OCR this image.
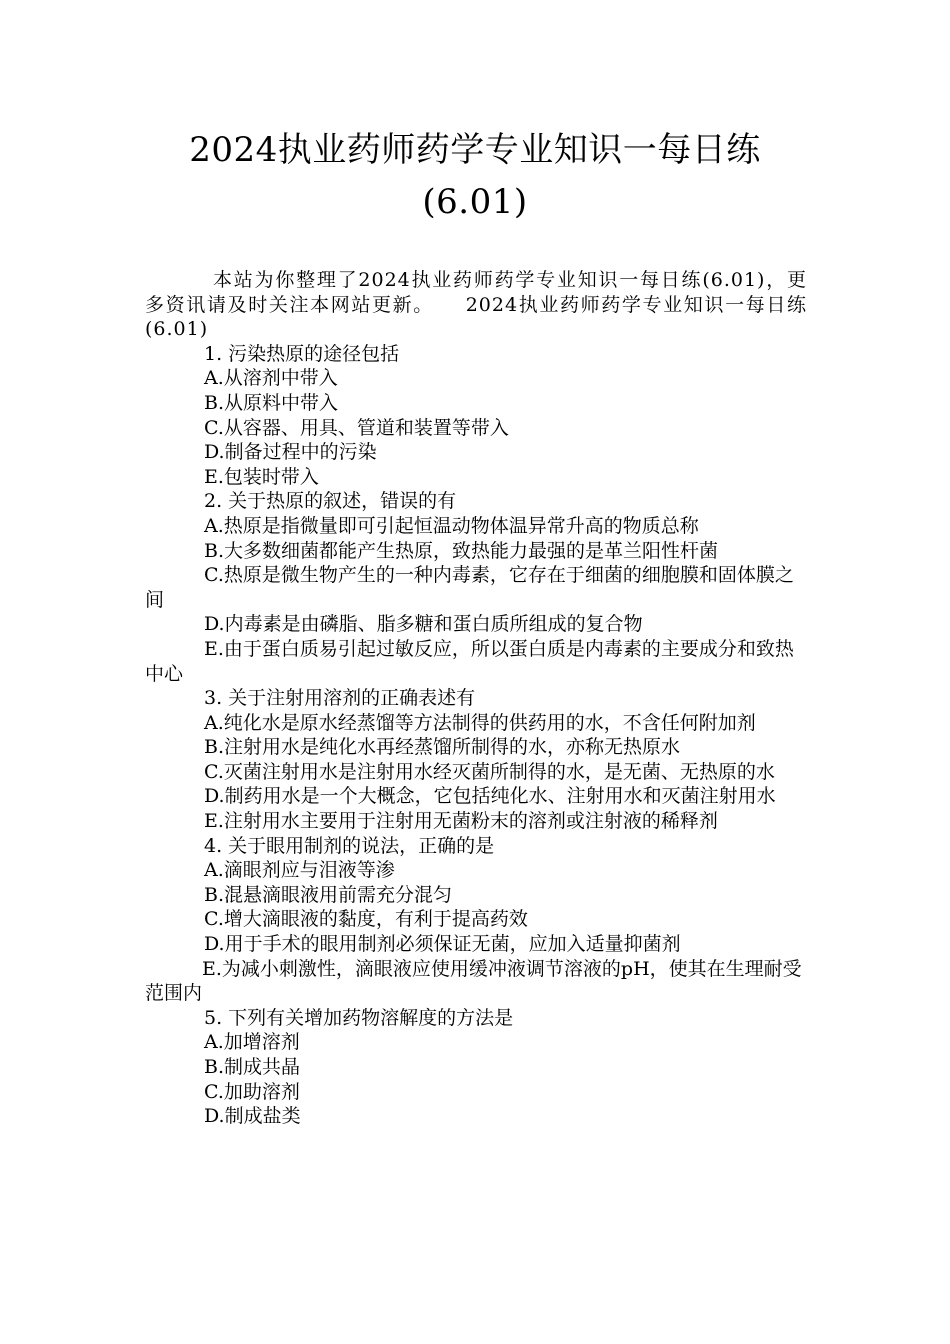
2024执业药师药学专业知识一每日练
(6.01)

本站为你整理了2024执业药师药学专业知识一每日练(6.01)，更多资讯请及时关注本网站更新。　　2024执业药师药学专业知识一每日练(6.01)

1. 污染热原的途径包括

A.从溶剂中带入

B.从原料中带入

C.从容器、用具、管道和装置等带入

D.制备过程中的污染

E.包装时带入

2. 关于热原的叙述，错误的有

A.热原是指微量即可引起恒温动物体温异常升高的物质总称

B.大多数细菌都能产生热原，致热能力最强的是革兰阳性杆菌

C.热原是微生物产生的一种内毒素，它存在于细菌的细胞膜和固体膜之间

D.内毒素是由磷脂、脂多糖和蛋白质所组成的复合物

E.由于蛋白质易引起过敏反应，所以蛋白质是内毒素的主要成分和致热中心

3. 关于注射用溶剂的正确表述有

A.纯化水是原水经蒸馏等方法制得的供药用的水，不含任何附加剂

B.注射用水是纯化水再经蒸馏所制得的水，亦称无热原水

C.灭菌注射用水是注射用水经灭菌所制得的水，是无菌、无热原的水

D.制药用水是一个大概念，它包括纯化水、注射用水和灭菌注射用水

E.注射用水主要用于注射用无菌粉末的溶剂或注射液的稀释剂

4. 关于眼用制剂的说法，正确的是

A.滴眼剂应与泪液等渗

B.混悬滴眼液用前需充分混匀

C.增大滴眼液的黏度，有利于提高药效

D.用于手术的眼用制剂必须保证无菌，应加入适量抑菌剂

E.为减小刺激性，滴眼液应使用缓冲液调节溶液的pH，使其在生理耐受范围内

5. 下列有关增加药物溶解度的方法是

A.加增溶剂

B.制成共晶

C.加助溶剂

D.制成盐类
